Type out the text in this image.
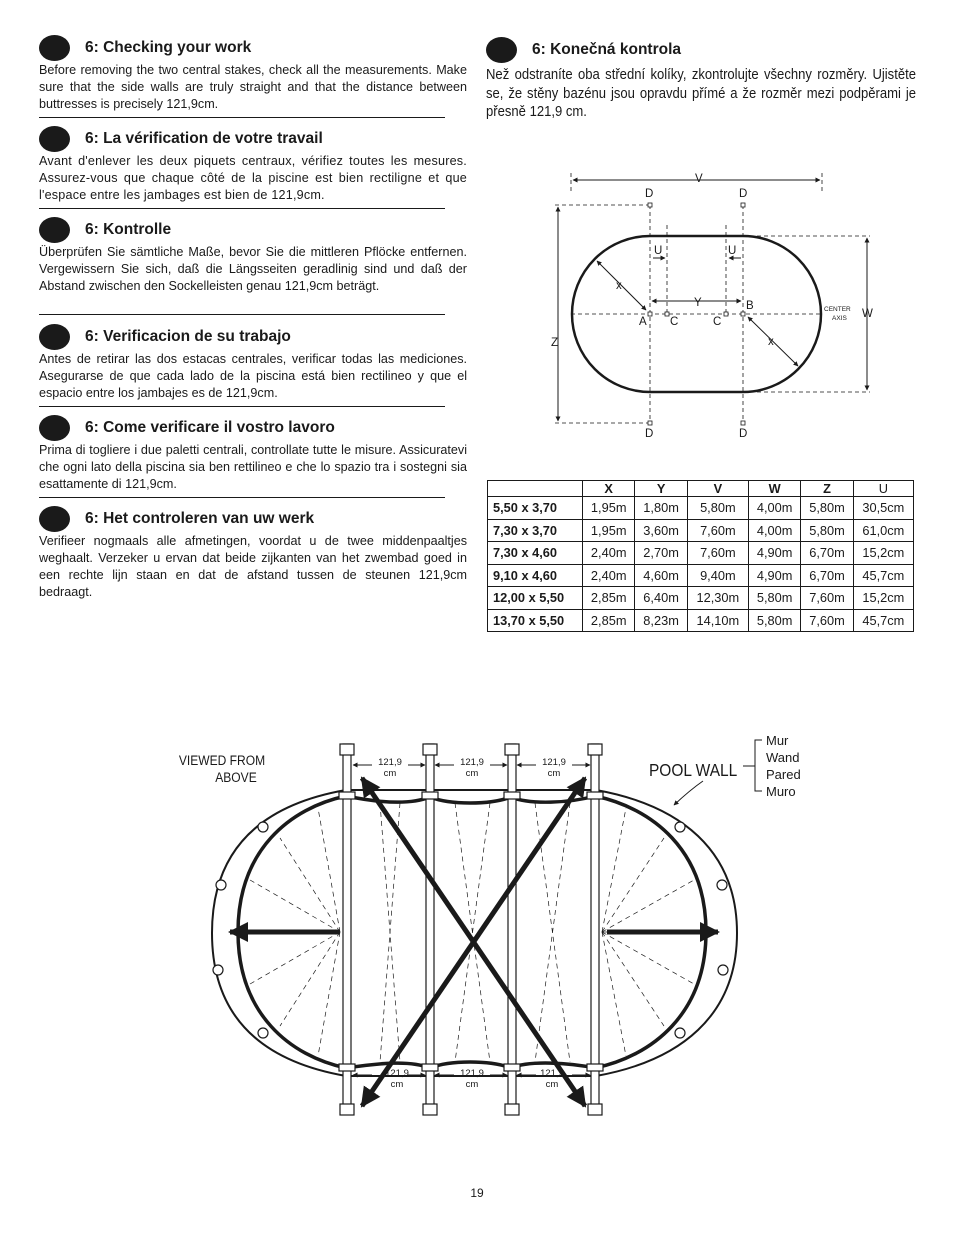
6: Checking your work
Before removing the two central stakes, check all the measurements. Make sure that the side walls are truly straight and that the distance between buttresses is precisely 121,9cm.
6: La vérification de votre travail
Avant d'enlever les deux piquets centraux, vérifiez toutes les mesures. Assurez-vous que chaque côté de la piscine est bien rectiligne et que l'espace entre les jambages est bien de 121,9cm.
6: Kontrolle
Überprüfen Sie sämtliche Maße, bevor Sie die mittleren Pflöcke entfernen. Vergewissern Sie sich, daß die Längsseiten geradlinig sind und daß der Abstand zwischen den Sockelleisten genau 121,9cm beträgt.
6: Verificacion de su trabajo
Antes de retirar las dos estacas centrales, verificar todas las mediciones. Asegurarse de que cada lado de la piscina está bien rectilineo y que el espacio entre los jambajes es de 121,9cm.
6: Come verificare il vostro lavoro
Prima di togliere i due paletti centrali, controllate tutte le misure. Assicuratevi che ogni lato della piscina sia ben rettilineo e che lo spazio tra i sostegni sia esattamente di 121,9cm.
6: Het controleren van uw werk
Verifieer nogmaals alle afmetingen, voordat u de twee middenpaaltjes weghaalt. Verzeker u ervan dat beide zijkanten van het zwembad goed in een rechte lijn staan en dat de afstand tussen de steunen 121,9cm bedraagt.
6: Konečná kontrola
Než odstraníte oba střední kolíky, zkontrolujte všechny rozměry. Ujistěte se, že stěny bazénu jsou opravdu přímé a že rozměr mezi podpěrami je přesně 121,9 cm.
V
D	D
D	D
U	U
x
x
Y	B
A C	C
Z
W
CENTER
AXIS
121,9
cm
121,9
cm
121,9
cm
121,9
cm
121,9
cm
121,9
cm
VIEWED FROM
ABOVE	POOL WALL
Mur
Wand
Pared
Muro
	X	Y	V	W	Z	U
5,50 x 3,70	1,95m	1,80m	5,80m	4,00m	5,80m	30,5cm
7,30 x 3,70	1,95m	3,60m	7,60m	4,00m	5,80m	61,0cm
7,30 x 4,60	2,40m	2,70m	7,60m	4,90m	6,70m	15,2cm
9,10 x 4,60	2,40m	4,60m	9,40m	4,90m	6,70m	45,7cm
12,00 x 5,50	2,85m	6,40m	12,30m	5,80m	7,60m	15,2cm
13,70 x 5,50	2,85m	8,23m	14,10m	5,80m	7,60m	45,7cm
19
